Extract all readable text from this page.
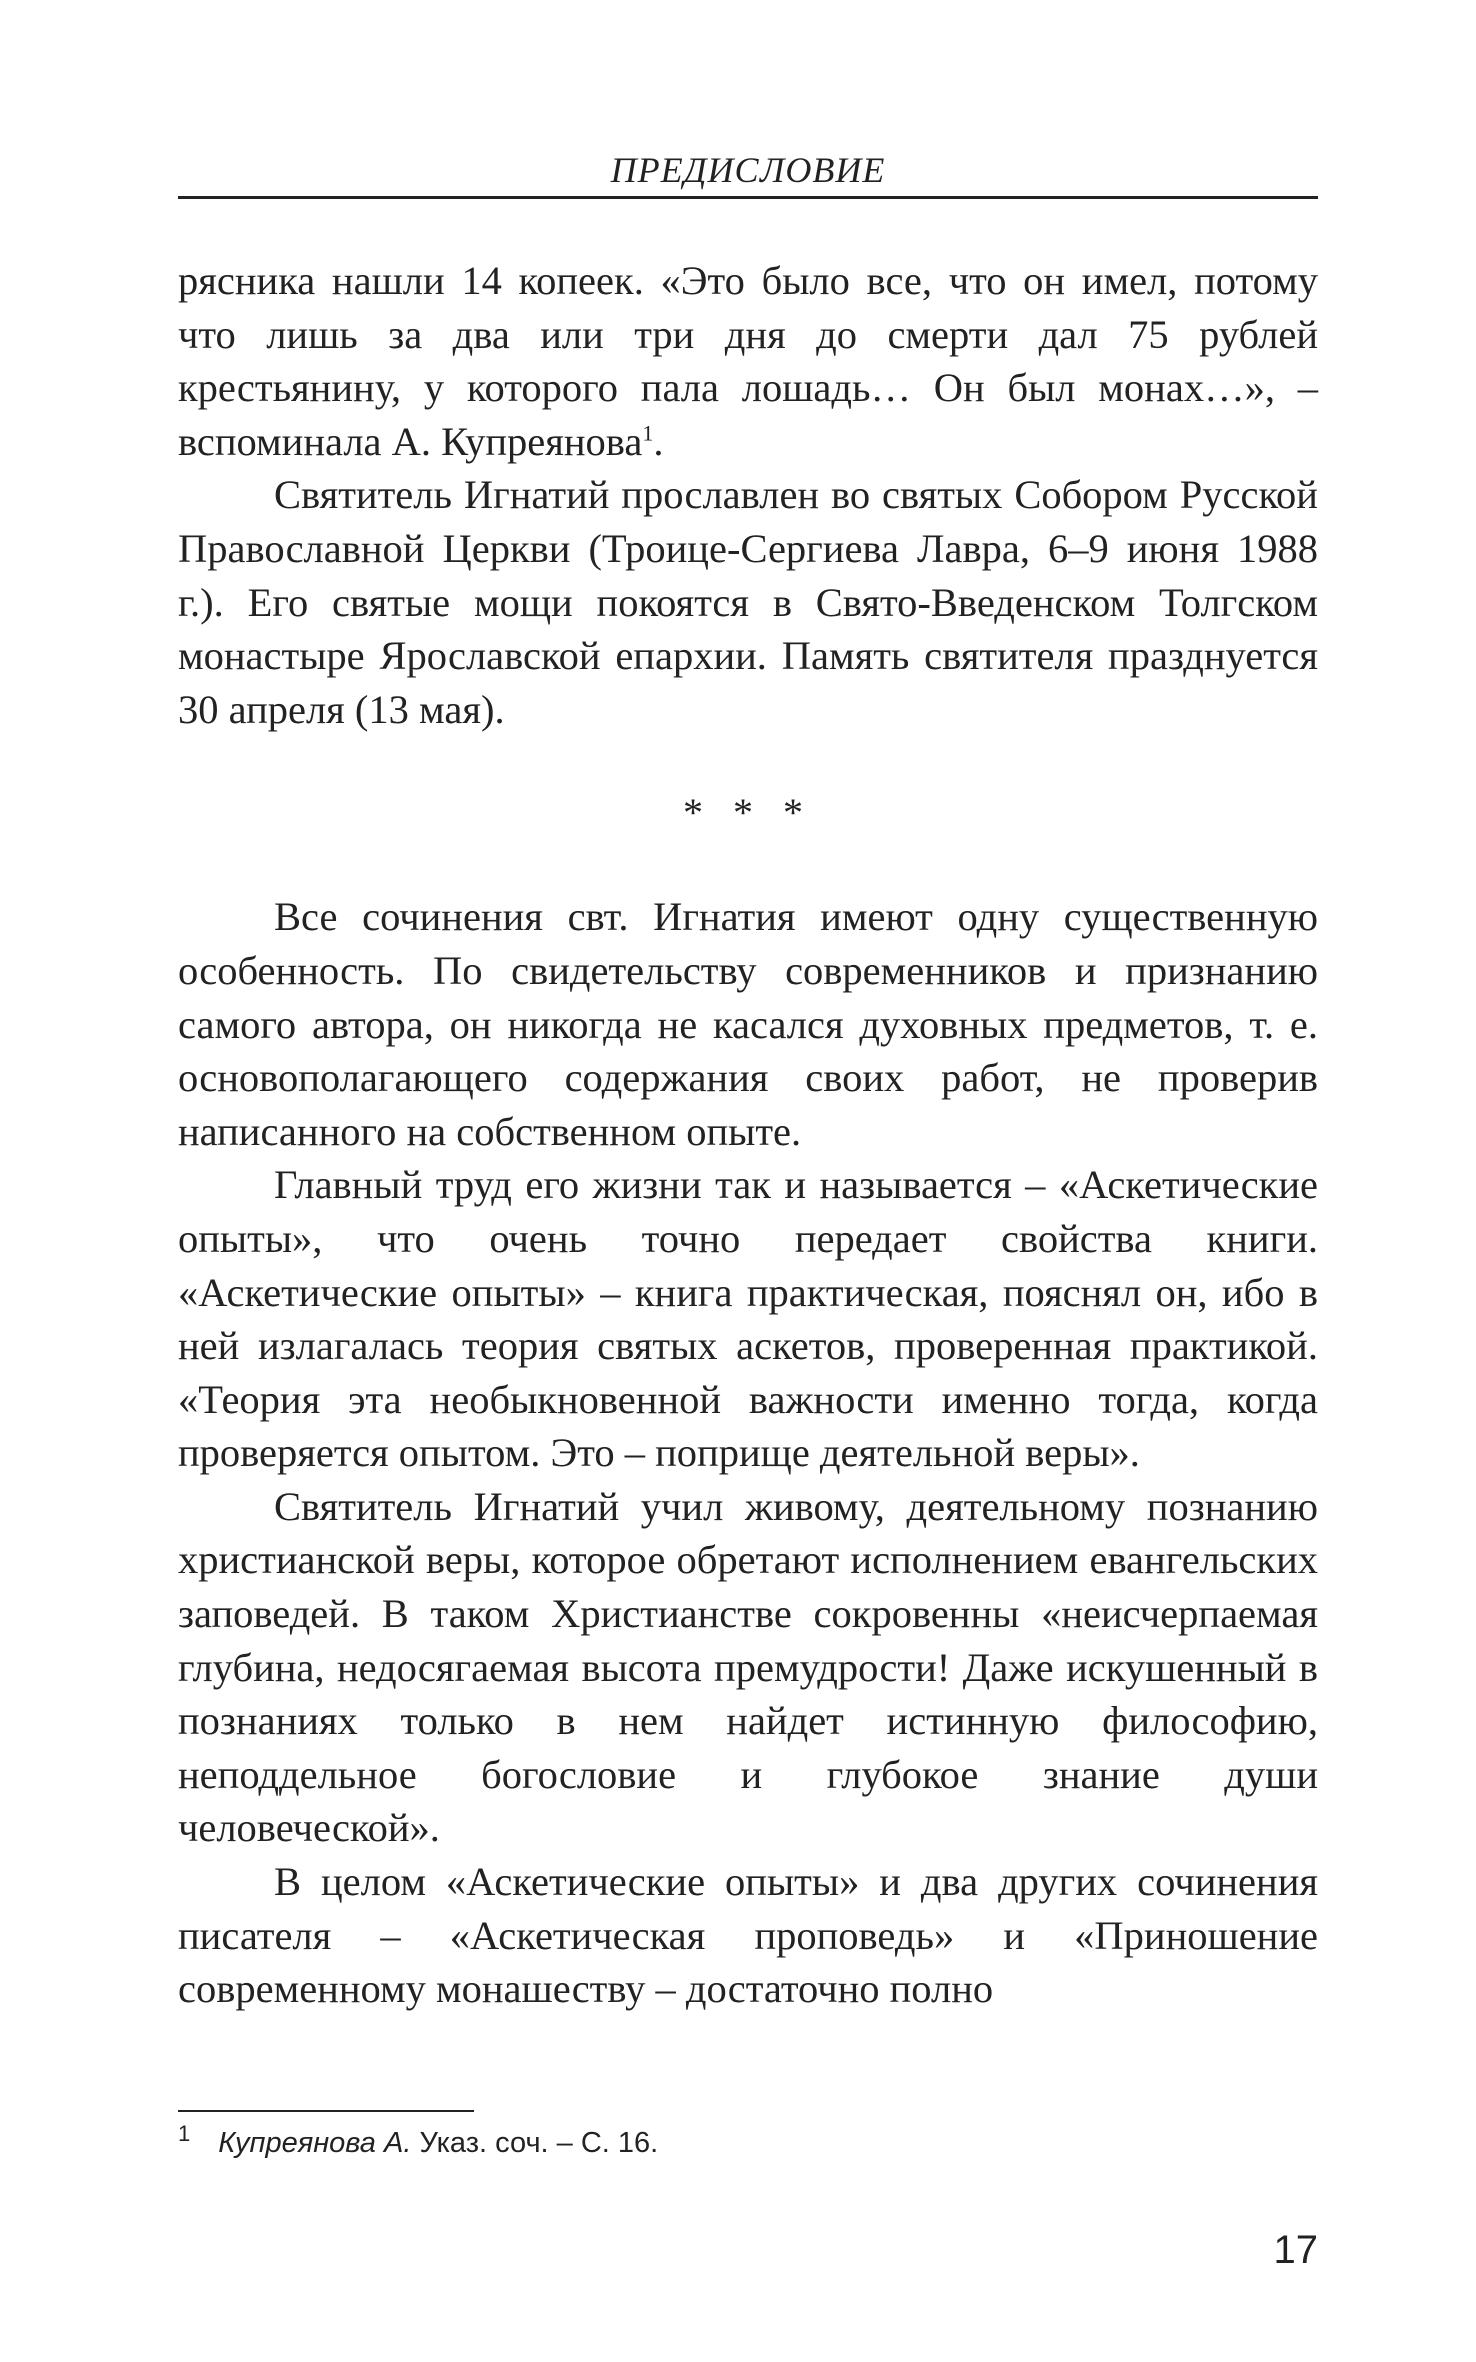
ПРЕДИСЛОВИЕ

рясника нашли 14 копеек. «Это было все, что он имел, потому что лишь за два или три дня до смерти дал 75 рублей крестьянину, у которого пала лошадь… Он был монах…», – вспоминала А. Купреянова$^1$.

Святитель Игнатий прославлен во святых Собором Русской Православной Церкви (Троице-Сергиева Лавра, 6–9 июня 1988 г.). Его святые мощи покоятся в Свято-Введенском Толгском монастыре Ярославской епархии. Память святителя празднуется 30 апреля (13 мая).

* * *

Все сочинения свт. Игнатия имеют одну существенную особенность. По свидетельству современников и признанию самого автора, он никогда не касался духовных предметов, т. е. основополагающего содержания своих работ, не проверив написанного на собственном опыте.

Главный труд его жизни так и называется – «Аскетические опыты», что очень точно передает свойства книги. «Аскетические опыты» – книга практическая, пояснял он, ибо в ней излагалась теория святых аскетов, проверенная практикой. «Теория эта необыкновенной важности именно тогда, когда проверяется опытом. Это – поприще деятельной веры».

Святитель Игнатий учил живому, деятельному познанию христианской веры, которое обретают исполнением евангельских заповедей. В таком Христианстве сокровенны «неисчерпаемая глубина, недосягаемая высота премудрости! Даже искушенный в познаниях только в нем найдет истинную философию, неподдельное богословие и глубокое знание души человеческой».

В целом «Аскетические опыты» и два других сочинения писателя – «Аскетическая проповедь» и «Приношение современному монашеству – достаточно полно

$^1$ Купреянова А. Указ. соч. – С. 16.
17
